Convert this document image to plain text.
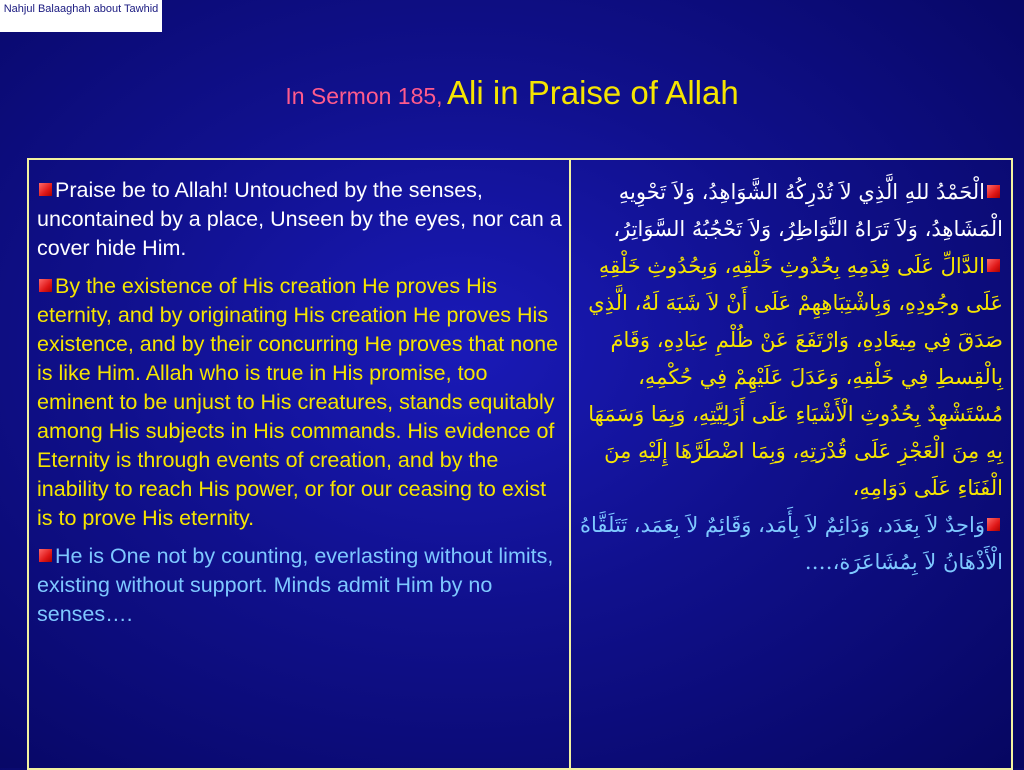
Nahjul Balaaghah about Tawhid
In Sermon 185, Ali in Praise of Allah

Praise be to Allah! Untouched by the senses, uncontained by a place, Unseen by the eyes, nor can a cover hide Him.

By the existence of His creation He proves His eternity, and by originating His creation He proves His existence, and by their concurring He proves that none is like Him. Allah who is true in His promise, too eminent to be unjust to His creatures, stands equitably among His subjects in His commands. His evidence of Eternity is through events of creation, and by the inability to reach His power, or for our ceasing to exist is to prove His eternity.

He is One not by counting, everlasting without limits, existing without support. Minds admit Him by no senses….

الْحَمْدُ للهِ الَّذِي لاَ تُدْرِكُهُ الشَّوَاهِدُ، وَلاَ تَحْوِيهِ الْمَشَاهِدُ، وَلاَ تَرَاهُ النَّوَاظِرُ، وَلاَ تَحْجُبُهُ السَّوَاتِرُ،

الدَّالِّ عَلَى قِدَمِهِ بِحُدُوثِ خَلْقِهِ، وَبِحُدُوثِ خَلْقِهِ عَلَى وجُودِهِ، وَبِاشْتِبَاهِهِمْ عَلَى أَنْ لاَ شَبَهَ لَهُ، الَّذِي صَدَقَ فِي مِيعَادِهِ، وَارْتَفَعَ عَنْ ظُلْمِ عِبَادِهِ، وَقَامَ بِالْقِسطِ فِي خَلْقِهِ، وَعَدَلَ عَلَيْهِمْ فِي حُكْمِهِ، مُسْتَشْهِدٌ بِحُدُوثِ الْأَشْيَاءِ عَلَى أَزَلِيَّتِهِ، وَبِمَا وَسَمَهَا بِهِ مِنَ الْعَجْزِ عَلَى قُدْرَتِهِ، وَبِمَا اضْطَرَّهَا إِلَيْهِ مِنَ الْفَنَاءِ عَلَى دَوَامِهِ،

وَاحِدٌ لاَ بِعَدَد، وَدَائِمٌ لاَ بِأَمَد، وَقَائِمٌ لاَ بِعَمَد، تَتَلَقَّاهُ الْأَذْهَانُ لاَ بِمُشَاعَرَة،….
